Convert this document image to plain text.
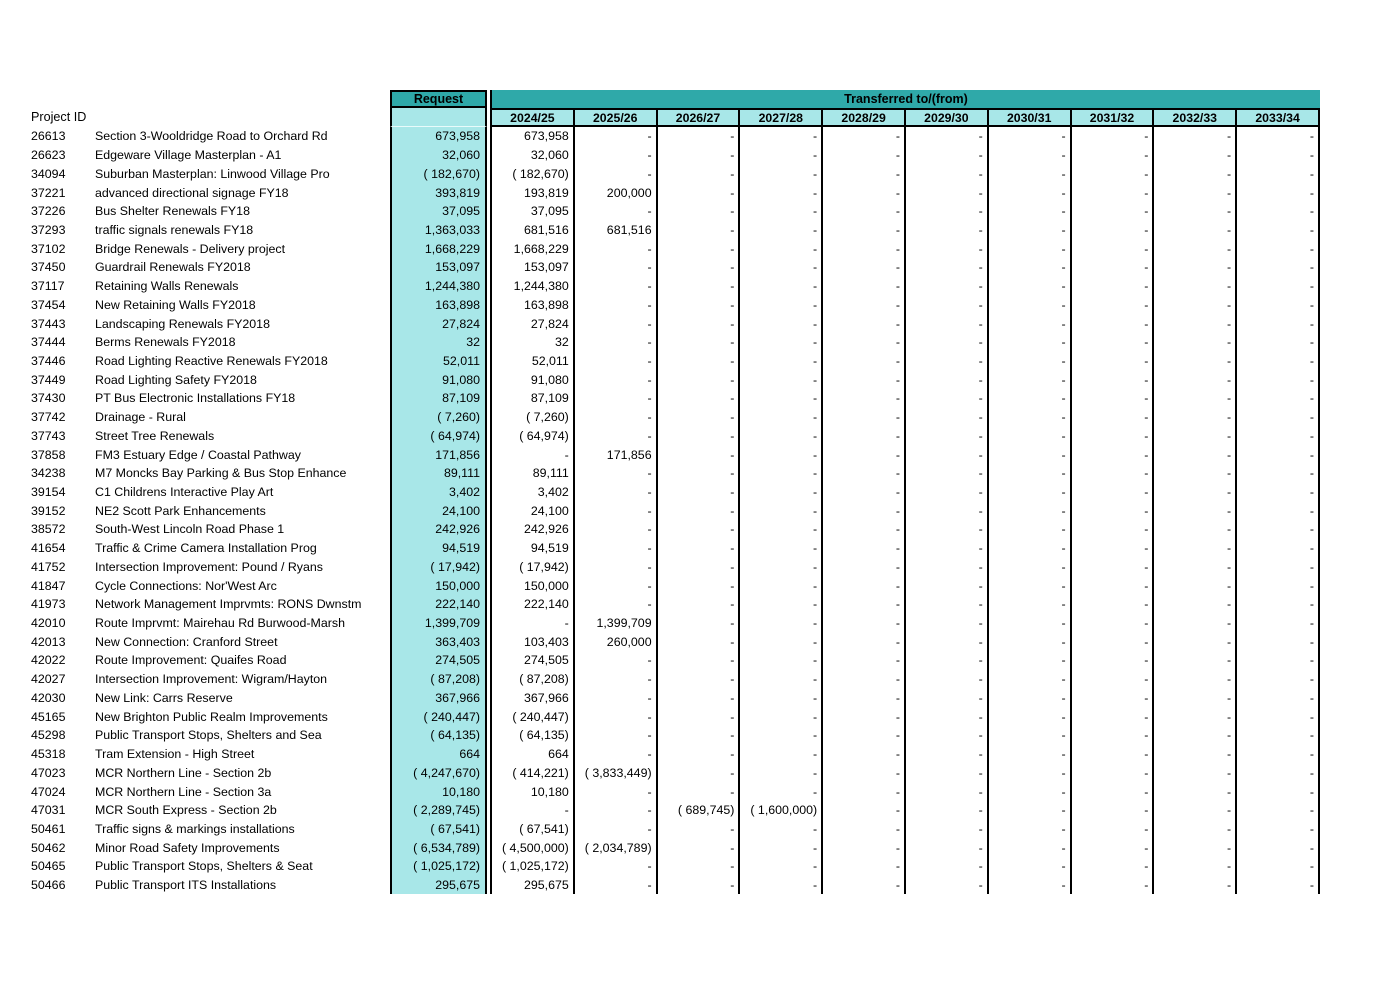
Request	Transferred to/(from)
Project ID	2024/25	2025/26	2026/27	2027/28	2028/29	2029/30	2030/31	2031/32	2032/33	2033/34
26613	Section 3-Wooldridge Road to Orchard Rd	673,958	673,958	-	-	-	-	-	-	-	-	-
26623	Edgeware Village Masterplan - A1	32,060	32,060	-	-	-	-	-	-	-	-	-
34094	Suburban Masterplan: Linwood Village Pro	( 182,670)	( 182,670)	-	-	-	-	-	-	-	-	-
37221	advanced directional signage FY18	393,819	193,819	200,000	-	-	-	-	-	-	-	-
37226	Bus Shelter Renewals FY18	37,095	37,095	-	-	-	-	-	-	-	-	-
37293	traffic signals renewals FY18	1,363,033	681,516	681,516	-	-	-	-	-	-	-	-
37102	Bridge Renewals - Delivery project	1,668,229	1,668,229	-	-	-	-	-	-	-	-	-
37450	Guardrail Renewals FY2018	153,097	153,097	-	-	-	-	-	-	-	-	-
37117	Retaining Walls Renewals	1,244,380	1,244,380	-	-	-	-	-	-	-	-	-
37454	New Retaining Walls FY2018	163,898	163,898	-	-	-	-	-	-	-	-	-
37443	Landscaping Renewals FY2018	27,824	27,824	-	-	-	-	-	-	-	-	-
37444	Berms Renewals FY2018	32	32	-	-	-	-	-	-	-	-	-
37446	Road Lighting Reactive Renewals FY2018	52,011	52,011	-	-	-	-	-	-	-	-	-
37449	Road Lighting Safety FY2018	91,080	91,080	-	-	-	-	-	-	-	-	-
37430	PT Bus Electronic Installations FY18	87,109	87,109	-	-	-	-	-	-	-	-	-
37742	Drainage - Rural	( 7,260)	( 7,260)	-	-	-	-	-	-	-	-	-
37743	Street Tree Renewals	( 64,974)	( 64,974)	-	-	-	-	-	-	-	-	-
37858	FM3 Estuary Edge / Coastal Pathway	171,856	-	171,856	-	-	-	-	-	-	-	-
34238	M7 Moncks Bay Parking & Bus Stop Enhance	89,111	89,111	-	-	-	-	-	-	-	-	-
39154	C1 Childrens Interactive Play Art	3,402	3,402	-	-	-	-	-	-	-	-	-
39152	NE2 Scott Park Enhancements	24,100	24,100	-	-	-	-	-	-	-	-	-
38572	South-West Lincoln Road Phase 1	242,926	242,926	-	-	-	-	-	-	-	-	-
41654	Traffic & Crime Camera Installation Prog	94,519	94,519	-	-	-	-	-	-	-	-	-
41752	Intersection Improvement: Pound / Ryans	( 17,942)	( 17,942)	-	-	-	-	-	-	-	-	-
41847	Cycle Connections: Nor'West Arc	150,000	150,000	-	-	-	-	-	-	-	-	-
41973	Network Management Imprvmts: RONS Dwnstm	222,140	222,140	-	-	-	-	-	-	-	-	-
42010	Route Imprvmt: Mairehau Rd Burwood-Marsh	1,399,709	-	1,399,709	-	-	-	-	-	-	-	-
42013	New Connection: Cranford Street	363,403	103,403	260,000	-	-	-	-	-	-	-	-
42022	Route Improvement: Quaifes Road	274,505	274,505	-	-	-	-	-	-	-	-	-
42027	Intersection Improvement: Wigram/Hayton	( 87,208)	( 87,208)	-	-	-	-	-	-	-	-	-
42030	New Link: Carrs Reserve	367,966	367,966	-	-	-	-	-	-	-	-	-
45165	New Brighton Public Realm Improvements	( 240,447)	( 240,447)	-	-	-	-	-	-	-	-	-
45298	Public Transport Stops, Shelters and Sea	( 64,135)	( 64,135)	-	-	-	-	-	-	-	-	-
45318	Tram Extension - High Street	664	664	-	-	-	-	-	-	-	-	-
47023	MCR Northern Line - Section 2b	( 4,247,670)	( 414,221)	( 3,833,449)	-	-	-	-	-	-	-	-
47024	MCR Northern Line - Section 3a	10,180	10,180	-	-	-	-	-	-	-	-	-
47031	MCR South Express - Section 2b	( 2,289,745)	-	-	( 689,745)	( 1,600,000)	-	-	-	-	-	-
50461	Traffic signs & markings installations	( 67,541)	( 67,541)	-	-	-	-	-	-	-	-	-
50462	Minor Road Safety Improvements	( 6,534,789)	( 4,500,000)	( 2,034,789)	-	-	-	-	-	-	-	-
50465	Public Transport Stops, Shelters & Seat	( 1,025,172)	( 1,025,172)	-	-	-	-	-	-	-	-	-
50466	Public Transport ITS Installations	295,675	295,675	-	-	-	-	-	-	-	-	-
